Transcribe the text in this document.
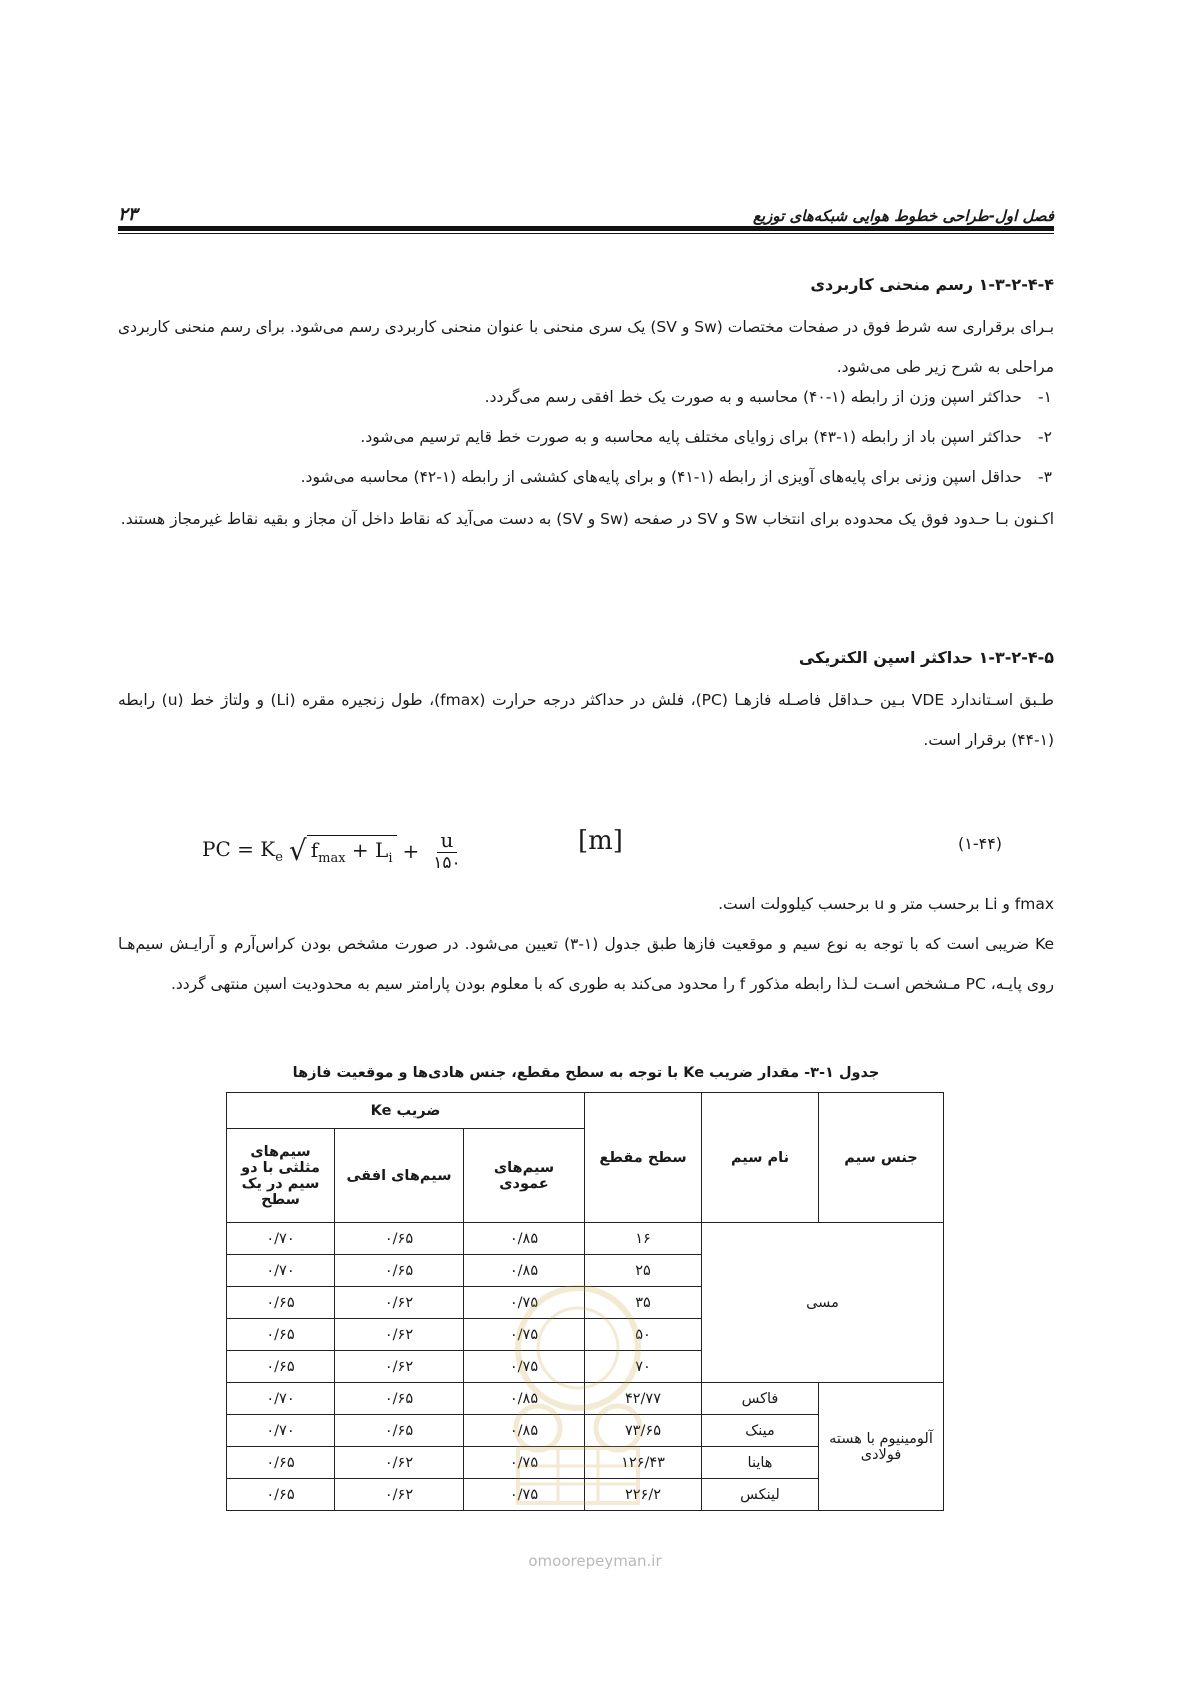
۲۳	فصل اول-طراحی خطوط هوایی شبکه‌های توزیع
۱-۳-۲-۴-۴ رسم منحنی کاربردی
بـرای برقراری سه شرط فوق در صفحات مختصات (Sw و SV) یک سری منحنی با عنوان منحنی کاربردی رسم می‌شود. برای رسم منحنی کاربردی مراحلی به شرح زیر طی می‌شود.
۱-
حداکثر اسپن وزن از رابطه (۱-۴۰) محاسبه و به صورت یک خط افقی رسم می‌گردد.
۲-
حداکثر اسپن باد از رابطه (۱-۴۳) برای زوایای مختلف پایه محاسبه و به صورت خط قایم ترسیم می‌شود.
۳-
حداقل اسپن وزنی برای پایه‌های آویزی از رابطه (۱-۴۱) و برای پایه‌های کششی از رابطه (۱-۴۲) محاسبه می‌شود.
اکـنون بـا حـدود فوق یک محدوده برای انتخاب Sw و SV در صفحه (Sw و SV) به دست می‌آید که نقاط داخل آن مجاز و بقیه نقاط غیرمجاز هستند.
۱-۳-۲-۴-۵ حداکثر اسپن الکتریکی
طـبق اسـتاندارد VDE بـین حـداقل فاصـله فازهـا (PC)، فلش در حداکثر درجه حرارت (fmax)، طول زنجیره مقره (Li) و ولتاژ خط (u) رابطه (۱-۴۴) برقرار است.
PC = $K_e$ √ $f_{max} + L_i + \frac{u}{۱۵۰}$	[m]	(۱-۴۴)
fmax و Li برحسب متر و u برحسب کیلوولت است.
Ke ضریبی است که با توجه به نوع سیم و موقعیت فازها طبق جدول (۱-۳) تعیین می‌شود. در صورت مشخص بودن کراس‌آرم و آرایـش سیم‌هـا روی پایـه، PC مـشخص اسـت لـذا رابطه مذکور f را محدود می‌کند به طوری که با معلوم بودن پارامتر سیم به محدودیت اسپن منتهی گردد.
جدول ۱-۳- مقدار ضریب Ke با توجه به سطح مقطع، جنس هادی‌ها و موقعیت فازها
جنس سیم	نام سیم	سطح مقطع	ضریب Ke		
			سیم‌های عمودی	سیم‌های افقی	سیم‌های مثلثی با دو سیم در یک سطح
مسی		۱۶	۰/۸۵	۰/۶۵	۰/۷۰
		۲۵	۰/۸۵	۰/۶۵	۰/۷۰
		۳۵	۰/۷۵	۰/۶۲	۰/۶۵
		۵۰	۰/۷۵	۰/۶۲	۰/۶۵
		۷۰	۰/۷۵	۰/۶۲	۰/۶۵
آلومینیوم با هسته فولادی	فاکس	۴۲/۷۷	۰/۸۵	۰/۶۵	۰/۷۰
	مینک	۷۳/۶۵	۰/۸۵	۰/۶۵	۰/۷۰
	هاینا	۱۲۶/۴۳	۰/۷۵	۰/۶۲	۰/۶۵
	لینکس	۲۲۶/۲	۰/۷۵	۰/۶۲	۰/۶۵
omoorepeyman.ir
